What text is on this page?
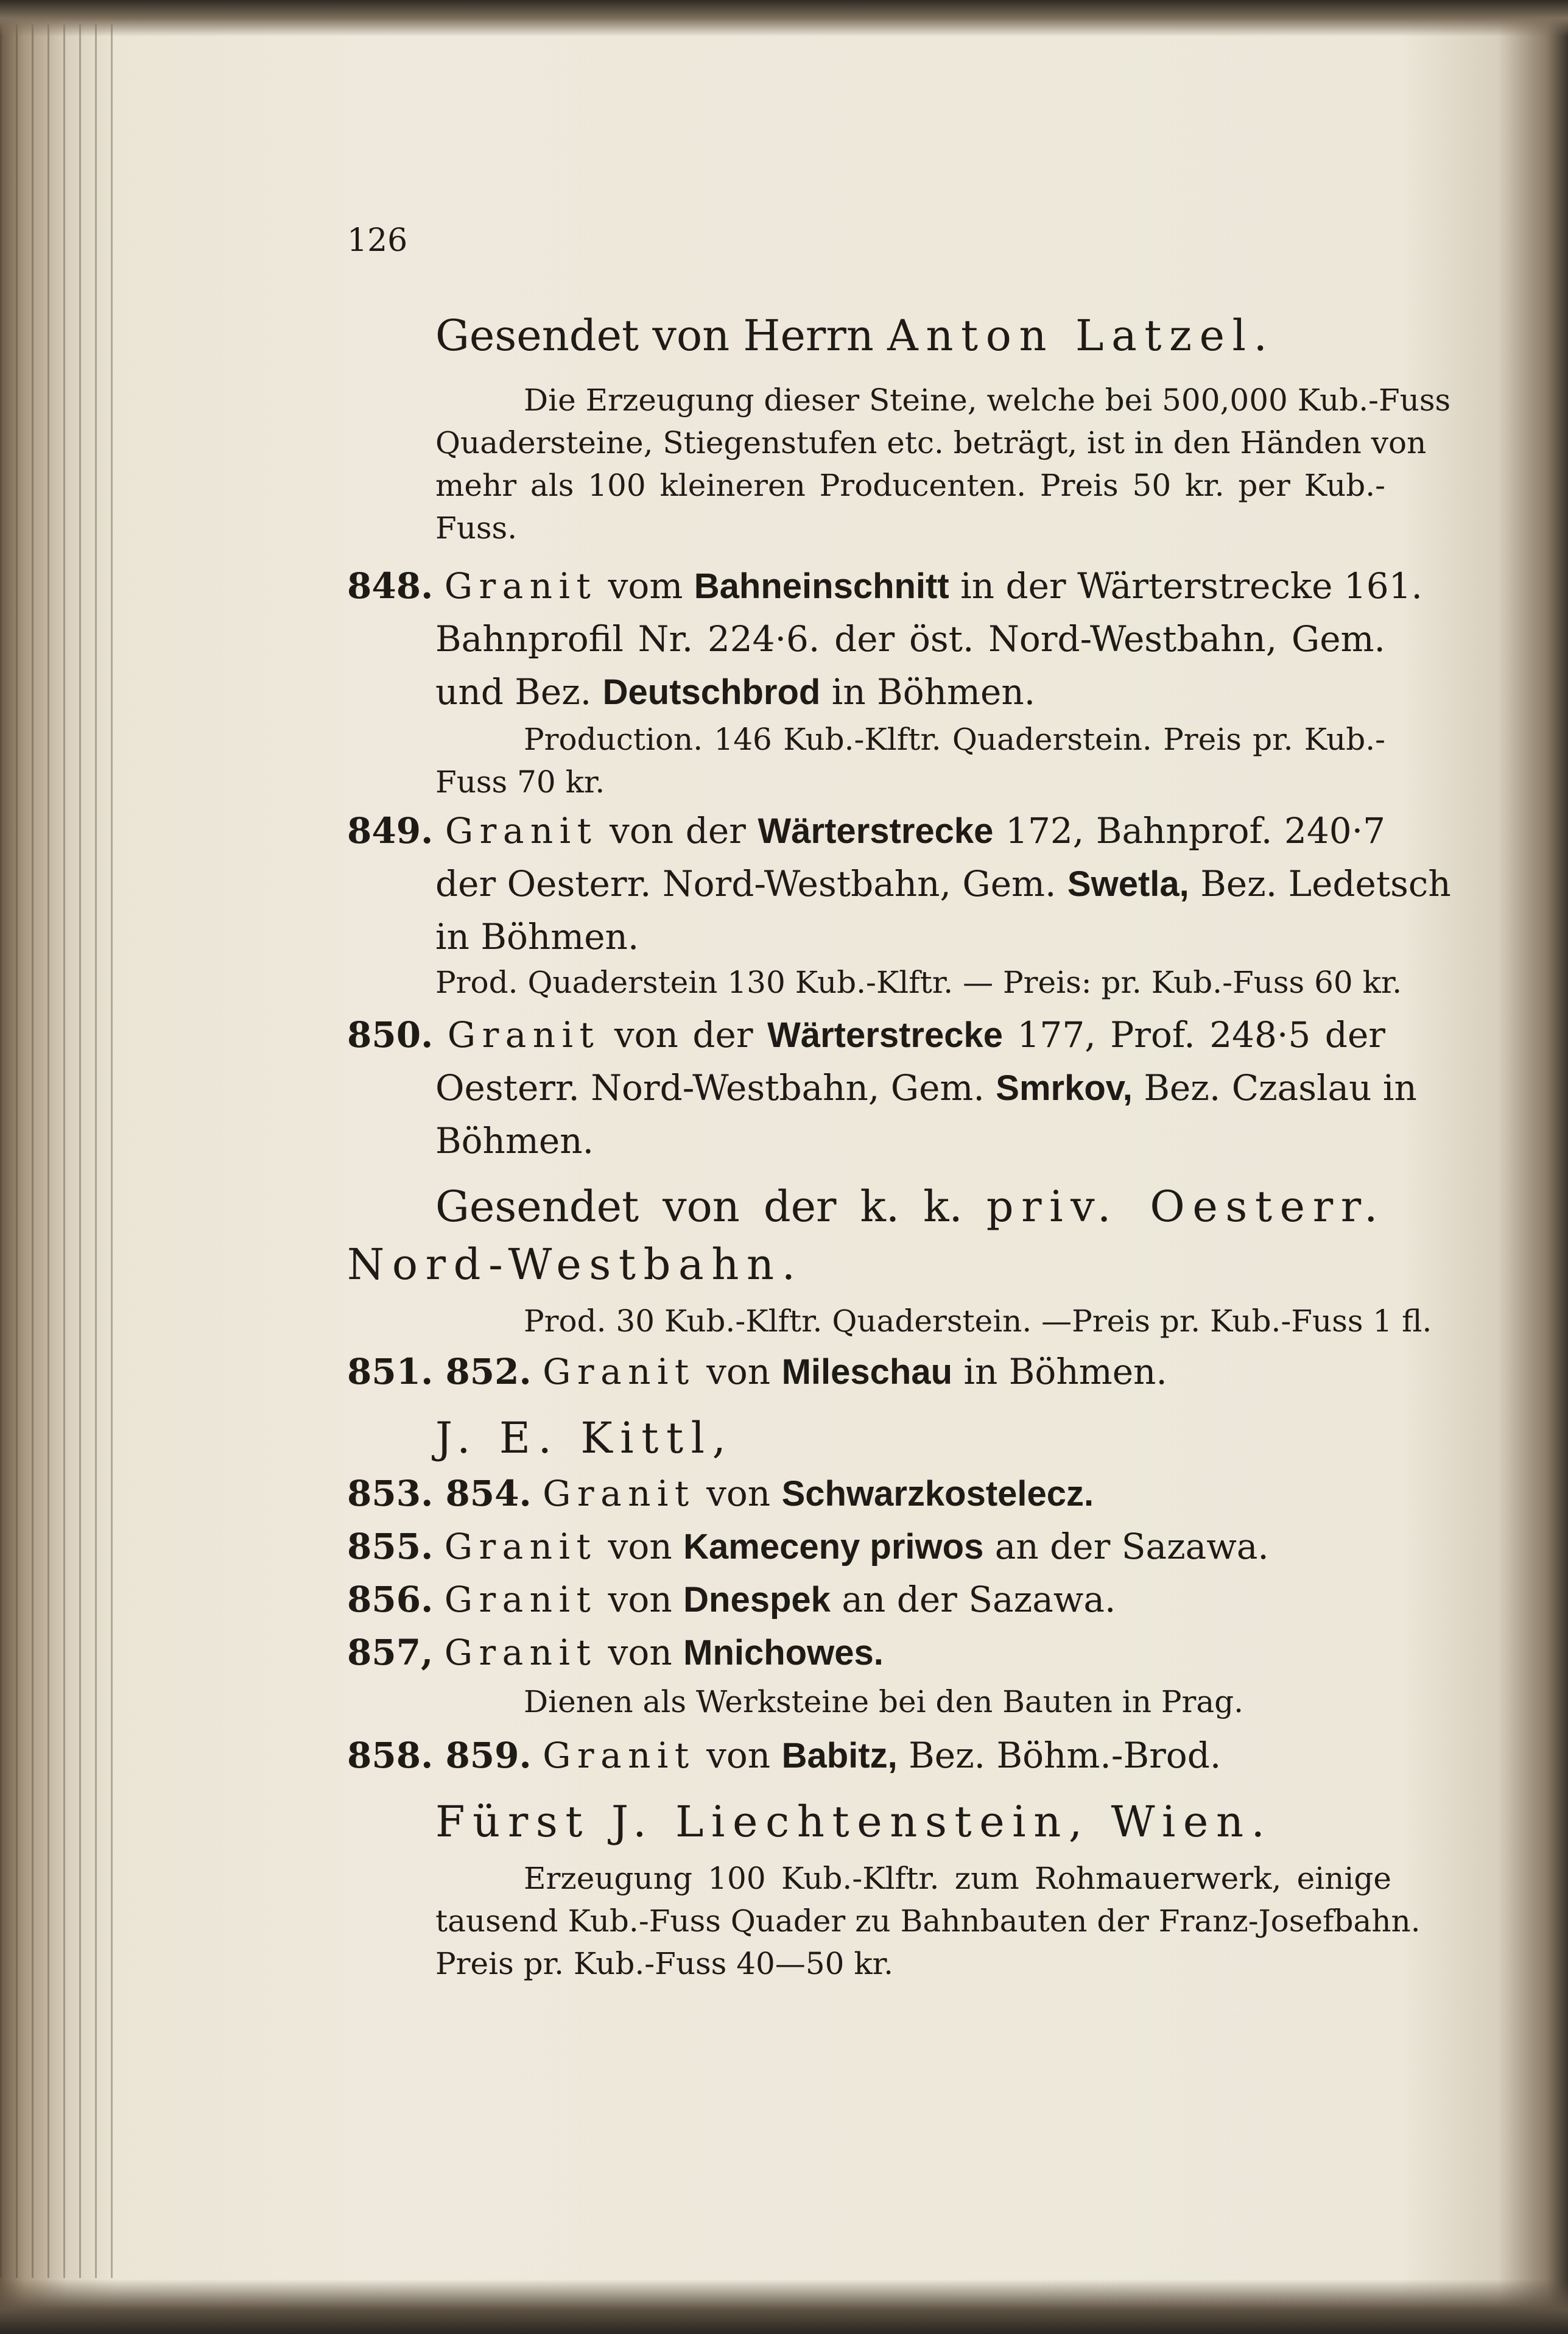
126
Gesendet von Herrn Anton Latzel.
Die Erzeugung dieser Steine, welche bei 500,000 Kub.-Fuss
Quadersteine, Stiegenstufen etc. beträgt, ist in den Händen von
mehr als 100 kleineren Producenten. Preis 50 kr. per Kub.-
Fuss.
848. Granit vom Bahneinschnitt in der Wärterstrecke 161.
Bahnprofil Nr. 224·6. der öst. Nord-Westbahn, Gem.
und Bez. Deutschbrod in Böhmen.
Production. 146 Kub.-Klftr. Quaderstein. Preis pr. Kub.-
Fuss 70 kr.
849. Granit von der Wärterstrecke 172, Bahnprof. 240·7
der Oesterr. Nord-Westbahn, Gem. Swetla, Bez. Ledetsch
in Böhmen.
Prod. Quaderstein 130 Kub.-Klftr. — Preis: pr. Kub.-Fuss 60 kr.
850. Granit von der Wärterstrecke 177, Prof. 248·5 der
Oesterr. Nord-Westbahn, Gem. Smrkov, Bez. Czaslau in
Böhmen.
Gesendet von der k. k. priv. Oesterr.
Nord-Westbahn.
Prod. 30 Kub.-Klftr. Quaderstein. —Preis pr. Kub.-Fuss 1 fl.
851. 852. Granit von Mileschau in Böhmen.
J. E. Kittl,
853. 854. Granit von Schwarzkostelecz.
855. Granit von Kameceny priwos an der Sazawa.
856. Granit von Dnespek an der Sazawa.
857, Granit von Mnichowes.
Dienen als Werksteine bei den Bauten in Prag.
858. 859. Granit von Babitz, Bez. Böhm.-Brod.
Fürst J. Liechtenstein, Wien.
Erzeugung 100 Kub.-Klftr. zum Rohmauerwerk, einige
tausend Kub.-Fuss Quader zu Bahnbauten der Franz-Josefbahn.
Preis pr. Kub.-Fuss 40—50 kr.
